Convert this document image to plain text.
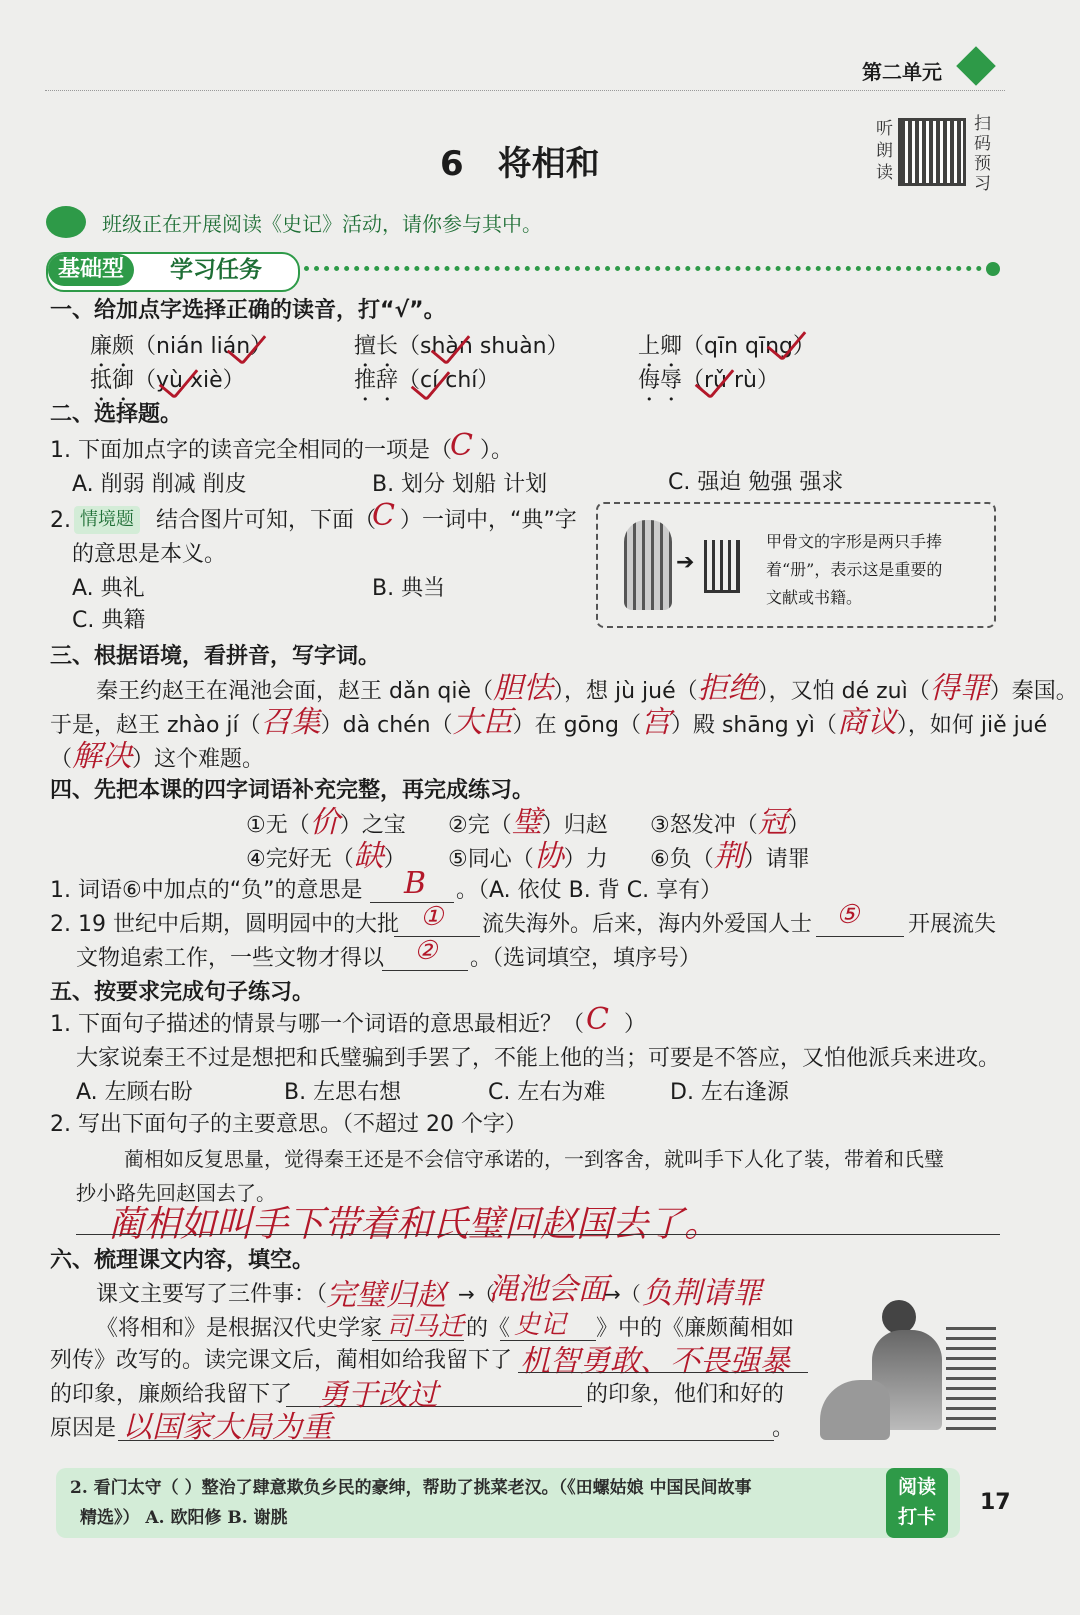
第二单元
6 将相和
听朗读
扫码预习
班级正在开展阅读《史记》活动，请你参与其中。
基础型	学习任务
一、给加点字选择正确的读音，打“√”。
廉颇（nián lián）	擅长（shàn shuàn）	上卿（qīn qīng）
抵御（yù xiè）	推辞（cí chí）	侮辱（rǔ rù）
二、选择题。
1. 下面加点字的读音完全相同的一项是（
C ）。
A. 削弱 削减 削皮	B. 划分 划船 计划	C. 强迫 勉强 强求
2. 情境题 结合图片可知，下面（
C ）一词中，“典”字
的意思是本义。
A. 典礼	B. 典当
C. 典籍
➔
甲骨文的字形是两只手捧
着“册”，表示这是重要的
文献或书籍。
三、根据语境，看拼音，写字词。
秦王约赵王在渑池会面，赵王 dǎn qiè（胆怯），想 jù jué（拒绝），又怕 dé zuì（得罪）秦国。
于是，赵王 zhào jí（召集）dà chén（大臣）在 gōng（宫）殿 shāng yì（商议），如何 jiě jué
（解决）这个难题。
四、先把本课的四字词语补充完整，再完成练习。
①无（价）之宝 ②完（璧）归赵 ③怒发冲（冠）
④完好无（缺） ⑤同心（协）力 ⑥负（荆）请罪
1. 词语⑥中加点的“负”的意思是 B 。（A. 依仗 B. 背 C. 享有）
2. 19 世纪中后期，圆明园中的大批 ① 流失海外。后来，海内外爱国人士 ⑤ 开展流失
文物追索工作，一些文物才得以 ② 。（选词填空，填序号）
五、按要求完成句子练习。
1. 下面句子描述的情景与哪一个词语的意思最相近？（ C ）
大家说秦王不过是想把和氏璧骗到手罢了，不能上他的当；可要是不答应，又怕他派兵来进攻。
A. 左顾右盼	B. 左思右想	C. 左右为难	D. 左右逢源
2. 写出下面句子的主要意思。（不超过 20 个字）
蔺相如反复思量，觉得秦王还是不会信守承诺的，一到客舍，就叫手下人化了装，带着和氏璧
抄小路先回赵国去了。
蔺相如叫手下带着和氏璧回赵国去了。
六、梳理课文内容，填空。
课文主要写了三件事：（
完璧归赵 →（
渑池会面
→（ 负荆请罪
《将相和》是根据汉代史学家 司马迁 的《 史记 》中的《廉颇蔺相如
列传》改写的。读完课文后，蔺相如给我留下了 机智勇敢、不畏强暴
的印象，廉颇给我留下了 勇于改过	的印象，他们和好的
原因是 以国家大局为重	。
2. 看门太守（ ）整治了肆意欺负乡民的豪绅，帮助了挑菜老汉。（《田螺姑娘 中国民间故事
精选》） A. 欧阳修 B. 谢朓
阅读
打卡
17
